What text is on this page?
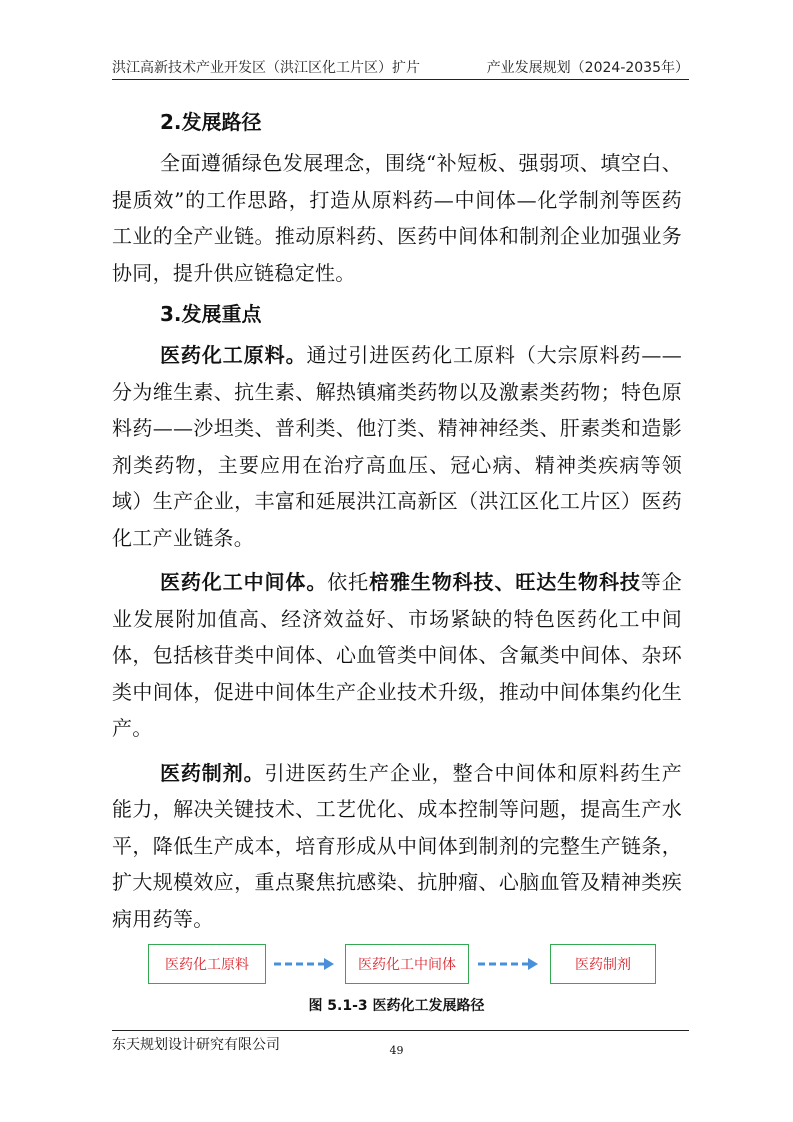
洪江高新技术产业开发区（洪江区化工片区）扩片	产业发展规划（2024-2035年）

2.发展路径

全面遵循绿色发展理念，围绕“补短板、强弱项、填空白、提质效”的工作思路，打造从原料药—中间体—化学制剂等医药工业的全产业链。推动原料药、医药中间体和制剂企业加强业务协同，提升供应链稳定性。

3.发展重点

医药化工原料。通过引进医药化工原料（大宗原料药——分为维生素、抗生素、解热镇痛类药物以及激素类药物；特色原料药——沙坦类、普利类、他汀类、精神神经类、肝素类和造影剂类药物，主要应用在治疗高血压、冠心病、精神类疾病等领域）生产企业，丰富和延展洪江高新区（洪江区化工片区）医药化工产业链条。

医药化工中间体。依托棓雅生物科技、旺达生物科技等企业发展附加值高、经济效益好、市场紧缺的特色医药化工中间体，包括核苷类中间体、心血管类中间体、含氟类中间体、杂环类中间体，促进中间体生产企业技术升级，推动中间体集约化生产。

医药制剂。引进医药生产企业，整合中间体和原料药生产能力，解决关键技术、工艺优化、成本控制等问题，提高生产水平，降低生产成本，培育形成从中间体到制剂的完整生产链条，扩大规模效应，重点聚焦抗感染、抗肿瘤、心脑血管及精神类疾病用药等。

医药化工原料	医药化工中间体	医药制剂
图 5.1-3 医药化工发展路径
东天规划设计研究有限公司	49
